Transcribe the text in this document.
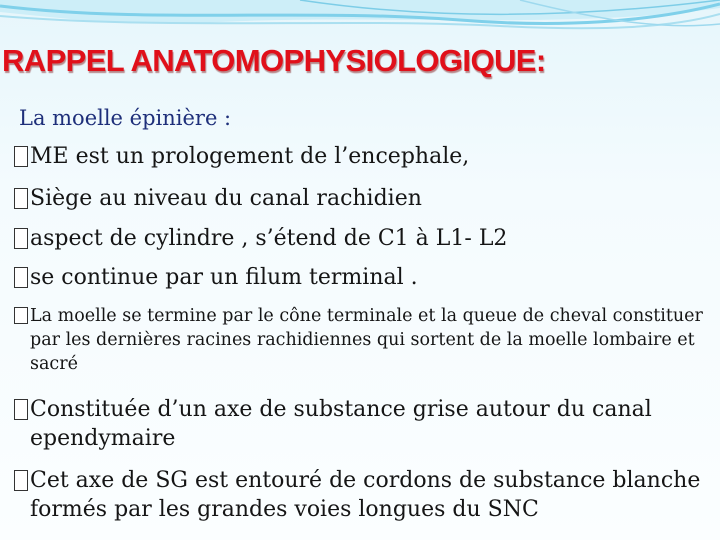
RAPPEL ANATOMOPHYSIOLOGIQUE:
La moelle épinière :
ME est un prologement de l’encephale,
Siège au niveau du canal rachidien
aspect de cylindre , s’étend de C1 à L1- L2
se continue par un filum terminal .
La moelle se termine par le cône terminale et la queue de cheval constituer par les dernières racines rachidiennes qui sortent de la moelle lombaire et sacré
Constituée d’un axe de substance grise autour du canal ependymaire
Cet axe de SG est entouré de cordons de substance blanche formés par les grandes voies longues du SNC
